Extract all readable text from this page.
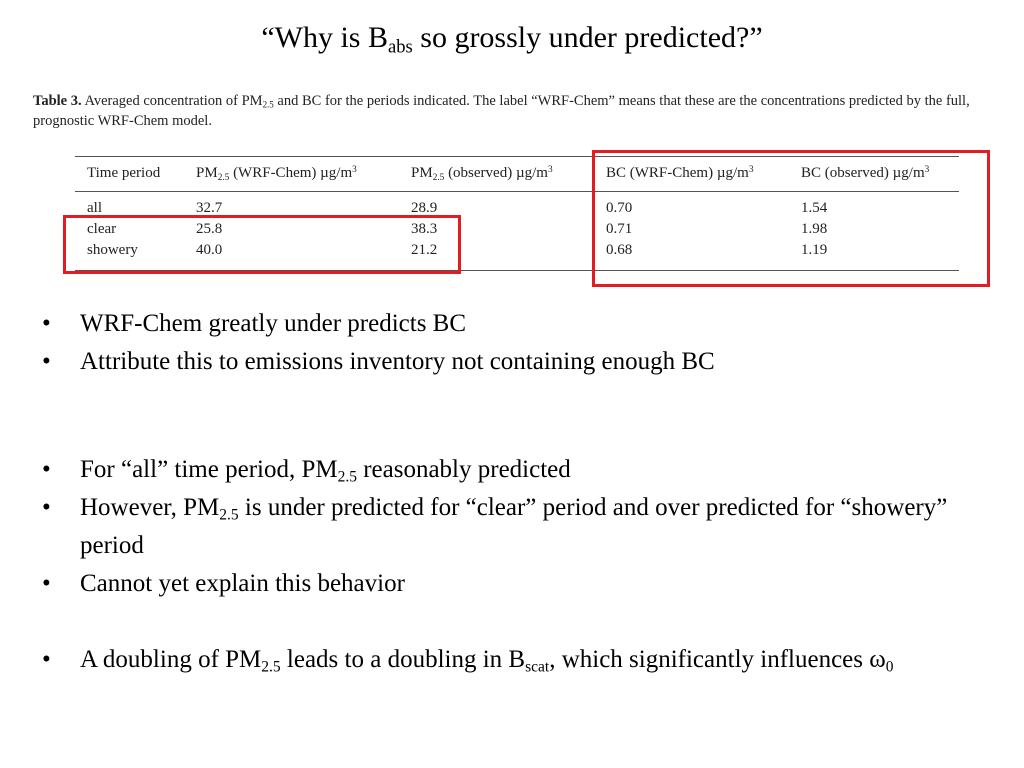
“Why is $B_{abs}$ so grossly under predicted?”
Table 3. Averaged concentration of $PM_{2.5}$ and BC for the periods indicated. The label “WRF-Chem” means that these are the concentrations predicted by the full, prognostic WRF-Chem model.
Time period	$PM_{2.5}$ (WRF-Chem) $\mu g/m^3$	$PM_{2.5}$ (observed) $\mu g/m^3$	BC (WRF-Chem) $\mu g/m^3$	BC (observed) $\mu g/m^3$
all	32.7	28.9	0.70	1.54
clear	25.8	38.3	0.71	1.98
showery	40.0	21.2	0.68	1.19
• WRF-Chem greatly under predicts BC
• Attribute this to emissions inventory not containing enough BC
• For “all” time period, $PM_{2.5}$ reasonably predicted
• However, $PM_{2.5}$ is under predicted for “clear” period and over predicted for “showery” period
• Cannot yet explain this behavior
• A doubling of $PM_{2.5}$ leads to a doubling in $B_{scat}$, which significantly influences $\omega_0$
